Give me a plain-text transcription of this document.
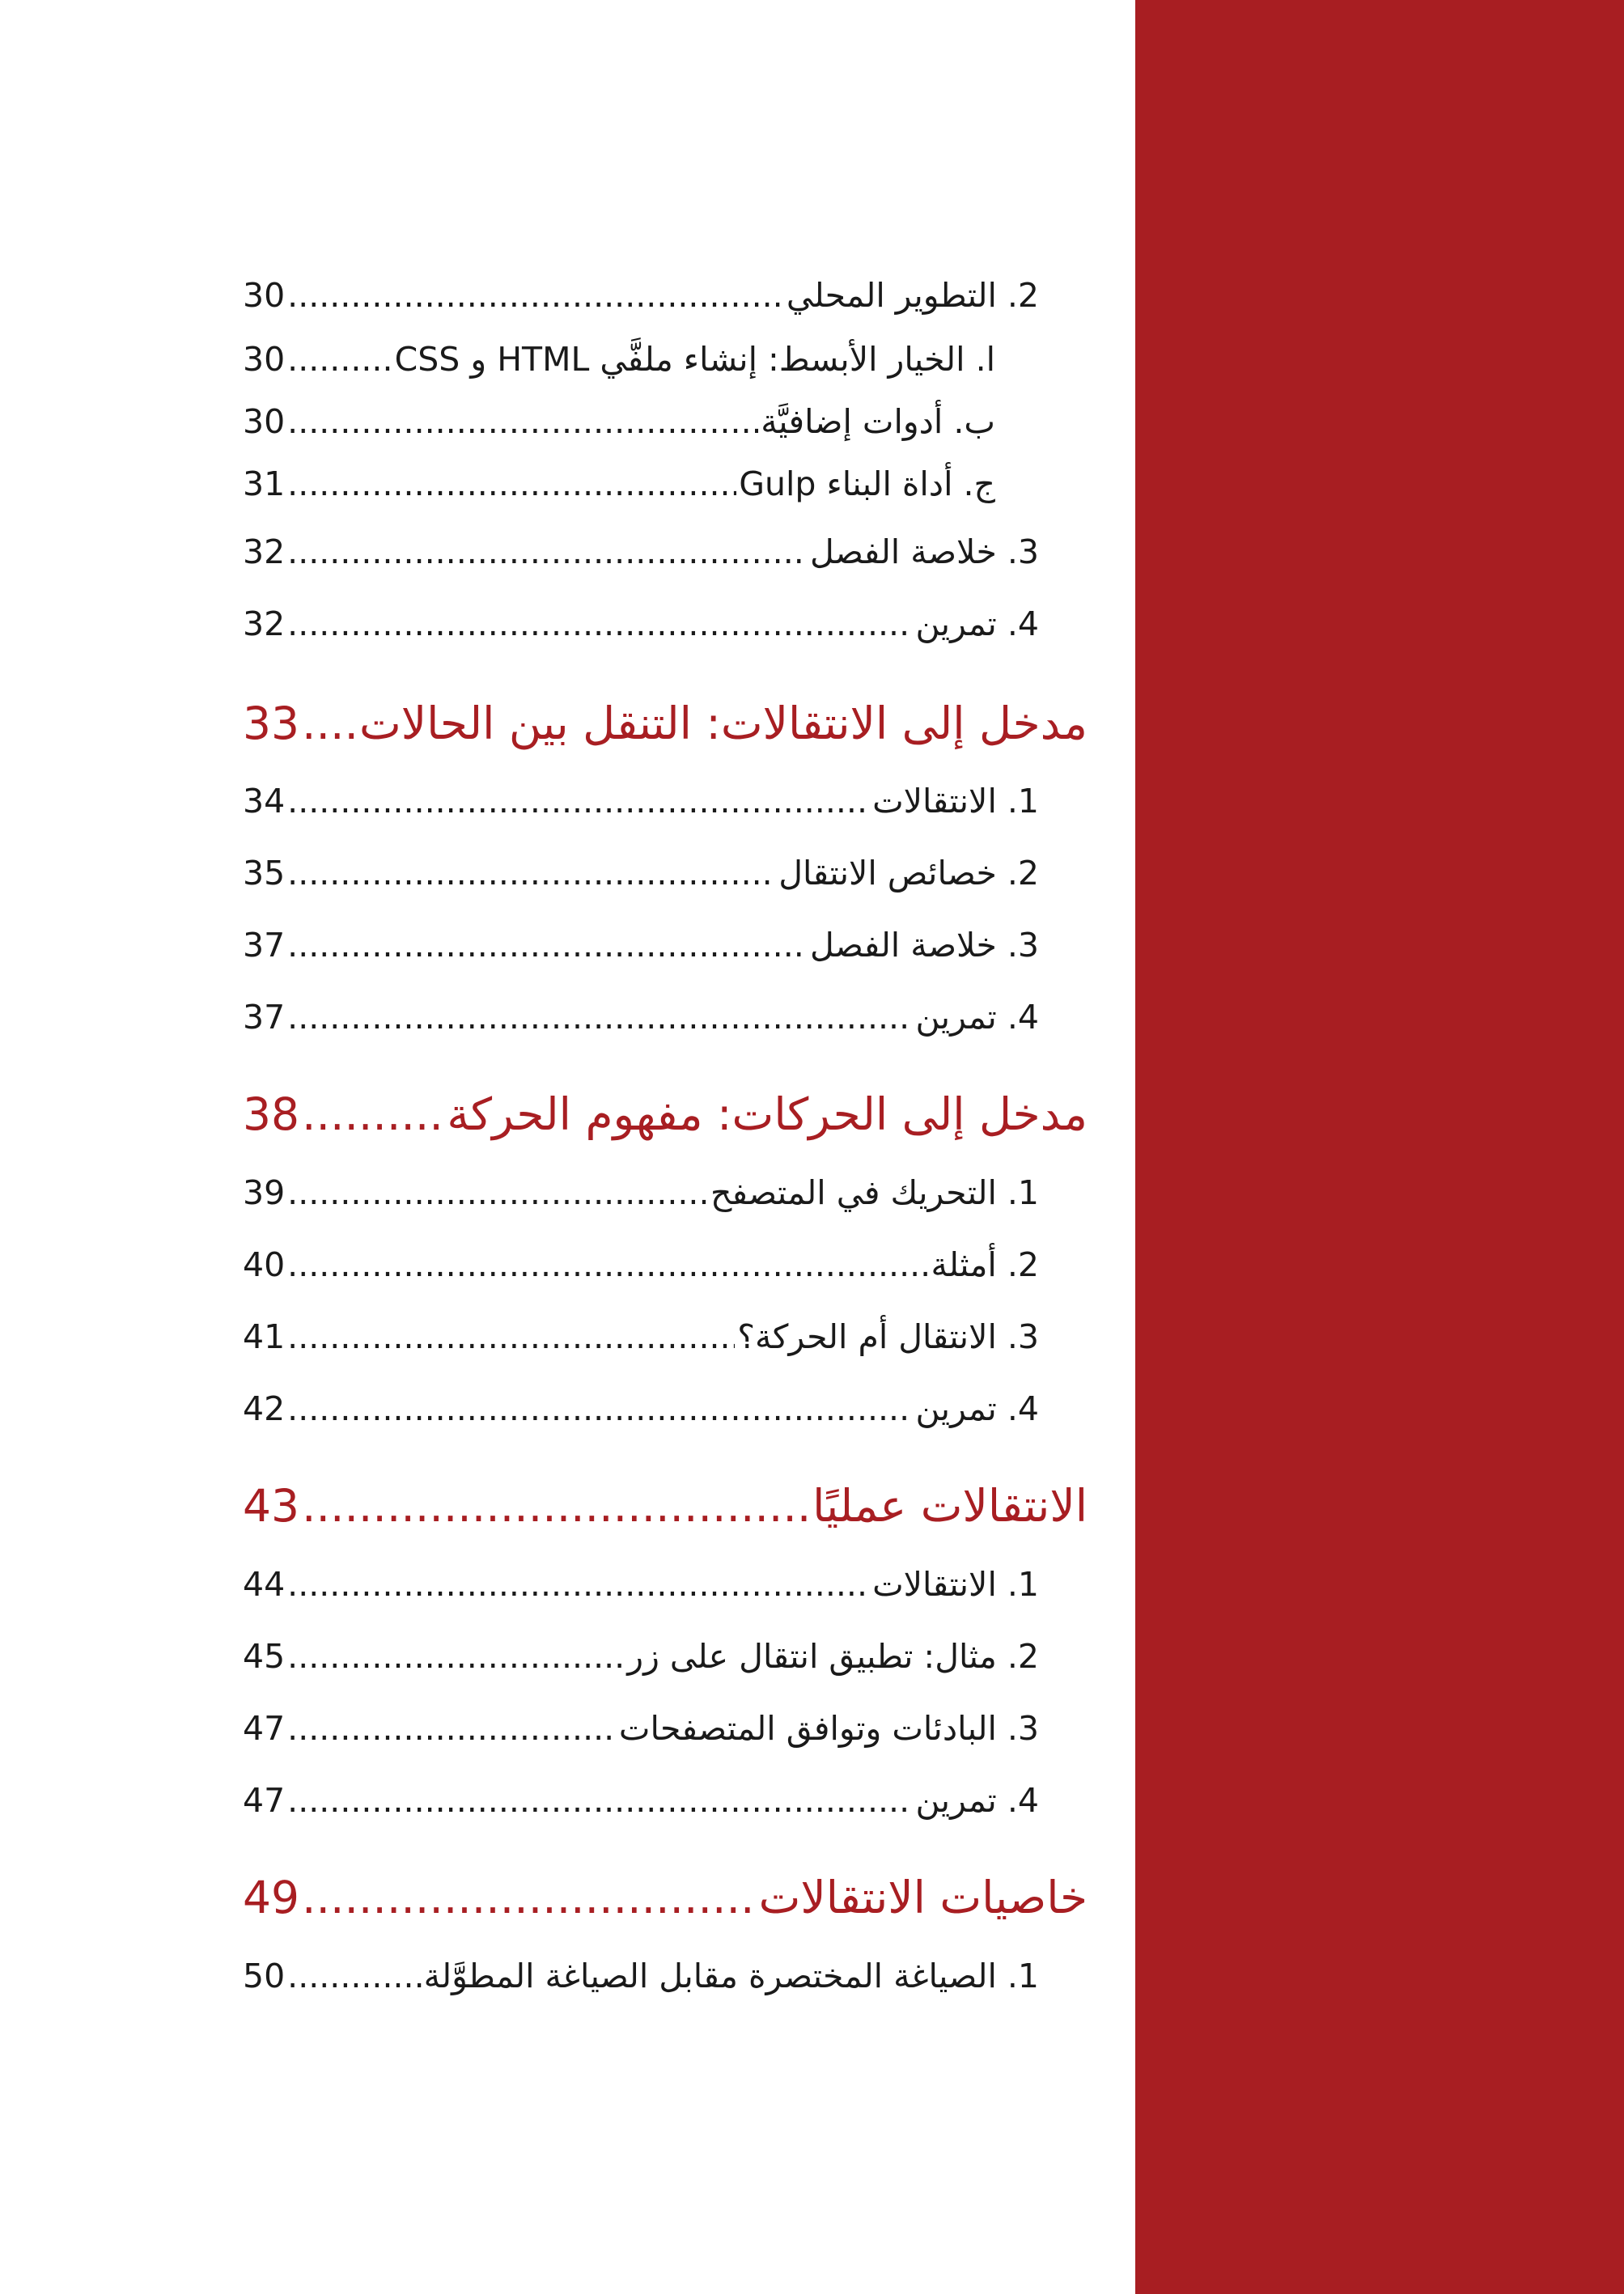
30 .....	2. التطوير المحلي
30 .....	ا. الخيار الأبسط: إنشاء ملفَّي HTML و CSS
30 .....	ب. أدوات إضافيَّة
31 .....	ج. أداة البناء Gulp
32 .....	3. خلاصة الفصل
32 .....	4. تمرين
33 ..... مدخل إلى الانتقالات: التنقل بين الحالات
34 .....	1. الانتقالات
35 .....	2. خصائص الانتقال
37 .....	3. خلاصة الفصل
37 .....	4. تمرين
38 .....	مدخل إلى الحركات: مفهوم الحركة
39 .....	1. التحريك في المتصفح
40 .....	2. أمثلة
41 .....	3. الانتقال أم الحركة؟
42 .....	4. تمرين
43 .....	الانتقالات عمليًا
44 .....	1. الانتقالات
45 .....	2. مثال: تطبيق انتقال على زر
47 .....	3. البادئات وتوافق المتصفحات
47 .....	4. تمرين
49 .....	خاصيات الانتقالات
50 .....	1. الصياغة المختصرة مقابل الصياغة المطوَّلة
